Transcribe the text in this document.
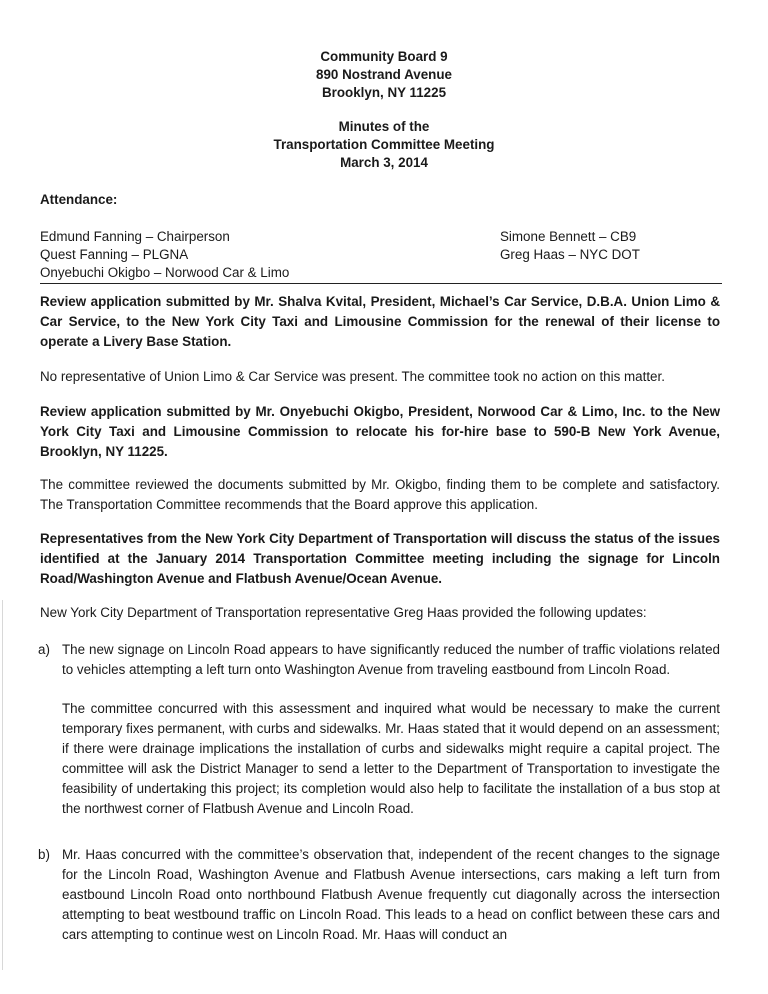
Community Board 9
890 Nostrand Avenue
Brooklyn, NY 11225
Minutes of the
Transportation Committee Meeting
March 3, 2014
Attendance:
Edmund Fanning – Chairperson
Quest Fanning – PLGNA
Onyebuchi Okigbo – Norwood Car & Limo
Simone Bennett – CB9
Greg Haas – NYC DOT
Review application submitted by Mr. Shalva Kvital, President, Michael’s Car Service, D.B.A. Union Limo & Car Service, to the New York City Taxi and Limousine Commission for the renewal of their license to operate a Livery Base Station.
No representative of Union Limo & Car Service was present. The committee took no action on this matter.
Review application submitted by Mr. Onyebuchi Okigbo, President, Norwood Car & Limo, Inc. to the New York City Taxi and Limousine Commission to relocate his for-hire base to 590-B New York Avenue, Brooklyn, NY 11225.
The committee reviewed the documents submitted by Mr. Okigbo, finding them to be complete and satisfactory. The Transportation Committee recommends that the Board approve this application.
Representatives from the New York City Department of Transportation will discuss the status of the issues identified at the January 2014 Transportation Committee meeting including the signage for Lincoln Road/Washington Avenue and Flatbush Avenue/Ocean Avenue.
New York City Department of Transportation representative Greg Haas provided the following updates:
a) The new signage on Lincoln Road appears to have significantly reduced the number of traffic violations related to vehicles attempting a left turn onto Washington Avenue from traveling eastbound from Lincoln Road.
The committee concurred with this assessment and inquired what would be necessary to make the current temporary fixes permanent, with curbs and sidewalks. Mr. Haas stated that it would depend on an assessment; if there were drainage implications the installation of curbs and sidewalks might require a capital project. The committee will ask the District Manager to send a letter to the Department of Transportation to investigate the feasibility of undertaking this project; its completion would also help to facilitate the installation of a bus stop at the northwest corner of Flatbush Avenue and Lincoln Road.
b) Mr. Haas concurred with the committee’s observation that, independent of the recent changes to the signage for the Lincoln Road, Washington Avenue and Flatbush Avenue intersections, cars making a left turn from eastbound Lincoln Road onto northbound Flatbush Avenue frequently cut diagonally across the intersection attempting to beat westbound traffic on Lincoln Road. This leads to a head on conflict between these cars and cars attempting to continue west on Lincoln Road. Mr. Haas will conduct an
